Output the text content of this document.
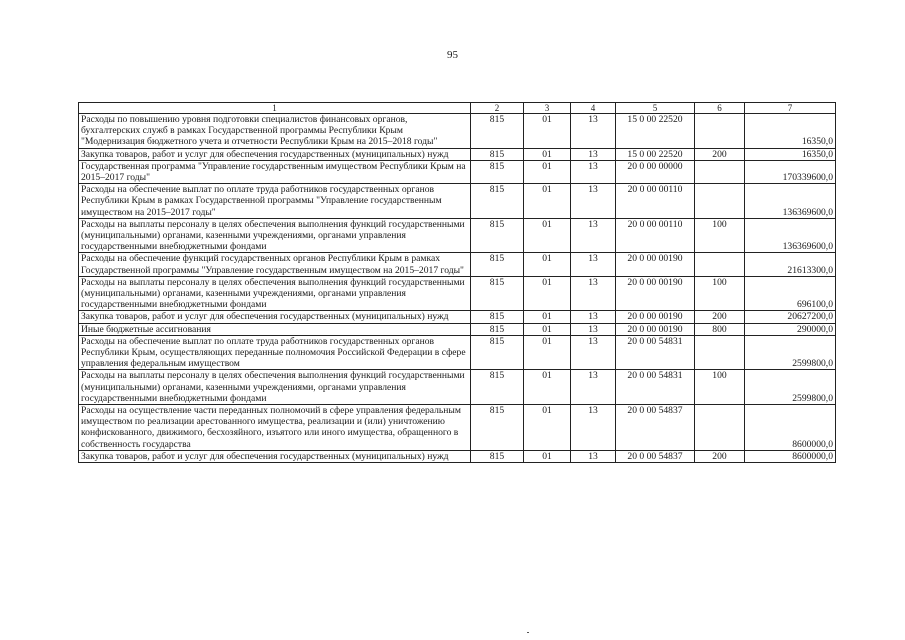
95
1	2	3	4	5	6	7
Расходы по повышению уровня подготовки специалистов финансовых органов, бухгалтерских служб в рамках Государственной программы Республики Крым "Модернизация бюджетного учета и отчетности Республики Крым на 2015–2018 годы"	815	01	13	15 0 00 22520		16350,0
Закупка товаров, работ и услуг для обеспечения государственных (муниципальных) нужд	815	01	13	15 0 00 22520	200	16350,0
Государственная программа "Управление государственным имуществом Республики Крым на 2015–2017 годы"	815	01	13	20 0 00 00000		170339600,0
Расходы на обеспечение выплат по оплате труда работников государственных органов Республики Крым в рамках Государственной программы "Управление государственным имуществом на 2015–2017 годы"	815	01	13	20 0 00 00110		136369600,0
Расходы на выплаты персоналу в целях обеспечения выполнения функций государственными (муниципальными) органами, казенными учреждениями, органами управления государственными внебюджетными фондами	815	01	13	20 0 00 00110	100	136369600,0
Расходы на обеспечение функций государственных органов Республики Крым в рамках Государственной программы "Управление государственным имуществом на 2015–2017 годы"	815	01	13	20 0 00 00190		21613300,0
Расходы на выплаты персоналу в целях обеспечения выполнения функций государственными (муниципальными) органами, казенными учреждениями, органами управления государственными внебюджетными фондами	815	01	13	20 0 00 00190	100	696100,0
Закупка товаров, работ и услуг для обеспечения государственных (муниципальных) нужд	815	01	13	20 0 00 00190	200	20627200,0
Иные бюджетные ассигнования	815	01	13	20 0 00 00190	800	290000,0
Расходы на обеспечение выплат по оплате труда работников государственных органов Республики Крым, осуществляющих переданные полномочия Российской Федерации в сфере управления федеральным имуществом	815	01	13	20 0 00 54831		2599800,0
Расходы на выплаты персоналу в целях обеспечения выполнения функций государственными (муниципальными) органами, казенными учреждениями, органами управления государственными внебюджетными фондами	815	01	13	20 0 00 54831	100	2599800,0
Расходы на осуществление части переданных полномочий в сфере управления федеральным имуществом по реализации арестованного имущества, реализации и (или) уничтожению конфискованного, движимого, бесхозяйного, изъятого или иного имущества, обращенного в собственность государства	815	01	13	20 0 00 54837		8600000,0
Закупка товаров, работ и услуг для обеспечения государственных (муниципальных) нужд	815	01	13	20 0 00 54837	200	8600000,0
